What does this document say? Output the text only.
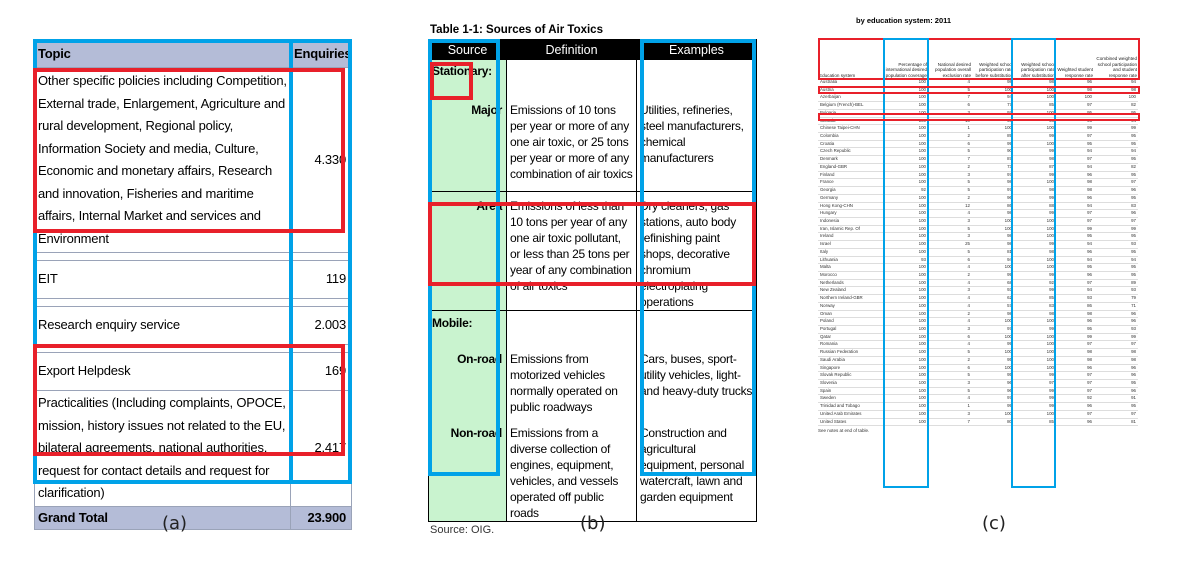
Topic	Enquiries
Other specific policies including Competition, External trade, Enlargement, Agriculture and rural development, Regional policy, Information Society and media, Culture, Economic and monetary affairs, Research and innovation, Fisheries and maritime affairs, Internal Market and services and Environment	4.330

EIT	119

Research enquiry service	2.003

Export Helpdesk	169
Practicalities (Including complaints, OPOCE, mission, history issues not related to the EU, bilateral agreements, national authorities, request for contact details and request for clarification)	2.417
Grand Total	23.900
Table 1-1: Sources of Air Toxics
Source	Definition	Examples
Stationary:		
Major	Emissions of 10 tons per year or more of any one air toxic, or 25 tons per year or more of any combination of air toxics	Utilities, refineries, steel manufacturers, chemical manufacturers
Area	Emissions of less than 10 tons per year of any one air toxic pollutant, or less than 25 tons per year of any combination of air toxics	Dry cleaners, gas stations, auto body refinishing paint shops, decorative chromium electroplating operations
Mobile:		
On-road	Emissions from motorized vehicles normally operated on public roadways	Cars, buses, sport-utility vehicles, light- and heavy-duty trucks
Non-road	Emissions from a diverse collection of engines, equipment, vehicles, and vessels operated off public roads	Construction and agricultural equipment, personal watercraft, lawn and garden equipment
Source: OIG.
by education system: 2011
Education system	Percentage of international desired population coverage	National desired population overall exclusion rate	Weighted school participation rate before substitution	Weighted school participation rate after substitution	Weighted student response rate	Combined weighted school participation and student response rate
Australia	100	4	98	98	96	94
Austria	100	5	100	100	98	98
Azerbaijan	100	7	94	100	100	100
Belgium (French)-BEL	100	6	77	85	97	82
Bulgaria	100	3	97	100	95	95
Canada	100	10	98	98	96	94
Chinese Taipei-CHN	100	1	100	100	99	99
Colombia	100	2	89	99	97	95
Croatia	100	6	99	100	95	95
Czech Republic	100	5	90	99	94	94
Denmark	100	7	87	98	97	95
England-GBR	100	2	73	87	94	82
Finland	100	3	97	99	96	95
France	100	5	98	100	98	97
Georgia	92	5	97	98	98	96
Germany	100	2	96	99	96	95
Hong Kong-CHN	100	12	86	88	94	83
Hungary	100	4	98	99	97	96
Indonesia	100	3	100	100	97	97
Iran, Islamic Rep. Of	100	5	100	100	99	99
Ireland	100	3	98	100	95	95
Israel	100	25	98	99	94	93
Italy	100	5	81	98	96	95
Lithuania	93	6	94	100	94	94
Malta	100	4	100	100	95	95
Morocco	100	2	99	99	96	95
Netherlands	100	4	68	92	97	89
New Zealand	100	3	93	99	94	93
Northern Ireland-GBR	100	4	62	85	93	79
Norway	100	4	57	83	86	71
Oman	100	2	98	98	98	96
Poland	100	4	100	100	96	96
Portugal	100	3	97	99	95	93
Qatar	100	6	100	100	99	99
Romania	100	4	99	100	97	97
Russian Federation	100	5	100	100	98	98
Saudi Arabia	100	2	95	100	98	98
Singapore	100	6	100	100	96	96
Slovak Republic	100	5	95	99	97	96
Slovenia	100	3	96	97	97	95
Spain	100	5	96	99	97	96
Sweden	100	4	97	99	92	91
Trinidad and Tobago	100	1	99	99	96	95
United Arab Emirates	100	3	100	100	97	97
United States	100	7	80	85	96	81
See notes at end of table.
(a)	(b)	(c)
